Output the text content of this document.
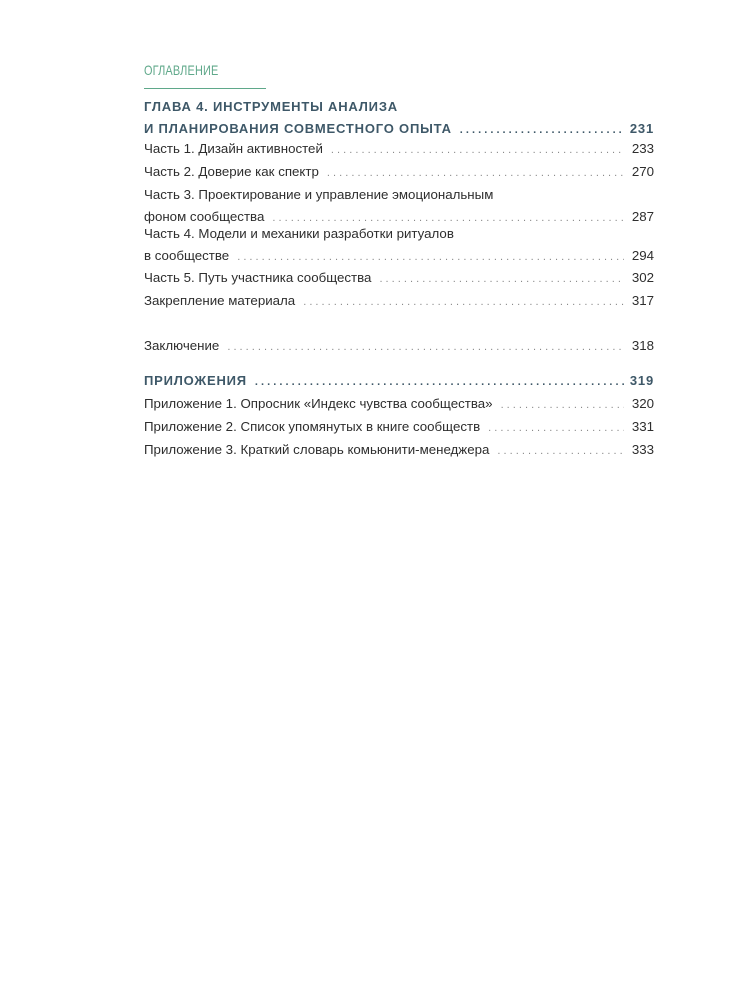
ОГЛАВЛЕНИЕ
ГЛАВА 4. ИНСТРУМЕНТЫ АНАЛИЗА
И ПЛАНИРОВАНИЯ СОВМЕСТНОГО ОПЫТА . . .	231
Часть 1. Дизайн активностей . . .	233
Часть 2. Доверие как спектр . . .	270
Часть 3. Проектирование и управление эмоциональным
фоном сообщества . . .	287
Часть 4. Модели и механики разработки ритуалов
в сообществе . . .	294
Часть 5. Путь участника сообщества . . .	302
Закрепление материала . . .	317
Заключение . . .	318
ПРИЛОЖЕНИЯ . . .	319
Приложение 1. Опросник «Индекс чувства сообщества» . . .	320
Приложение 2. Список упомянутых в книге сообществ . . .	331
Приложение 3. Краткий словарь комьюнити-менеджера . . .	333
